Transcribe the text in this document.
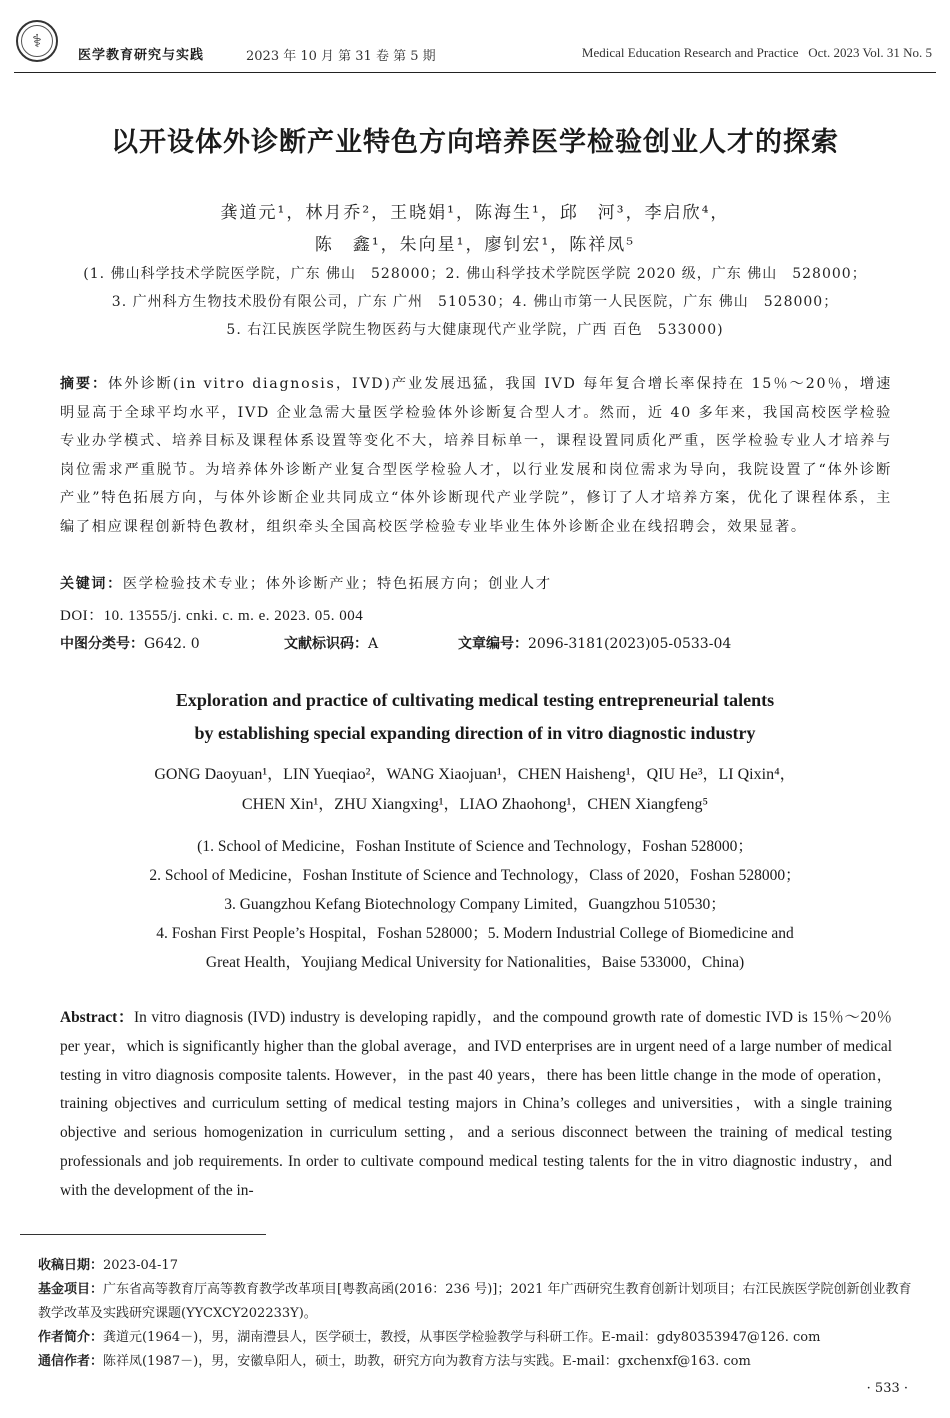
⚕
医学教育研究与实践	2023 年 10 月 第 31 卷 第 5 期	Medical Education Research and Practice Oct. 2023 Vol. 31 No. 5
以开设体外诊断产业特色方向培养医学检验创业人才的探索
龚道元¹，林月乔²，王晓娟¹，陈海生¹，邱　河³，李启欣⁴，
陈　鑫¹，朱向星¹，廖钊宏¹，陈祥凤⁵
(1. 佛山科学技术学院医学院，广东 佛山　528000；2. 佛山科学技术学院医学院 2020 级，广东 佛山　528000；
3. 广州科方生物技术股份有限公司，广东 广州　510530；4. 佛山市第一人民医院，广东 佛山　528000；
5. 右江民族医学院生物医药与大健康现代产业学院，广西 百色　533000)
摘要：体外诊断(in vitro diagnosis，IVD)产业发展迅猛，我国 IVD 每年复合增长率保持在 15％～20％，增速明显高于全球平均水平，IVD 企业急需大量医学检验体外诊断复合型人才。然而，近 40 多年来，我国高校医学检验专业办学模式、培养目标及课程体系设置等变化不大，培养目标单一，课程设置同质化严重，医学检验专业人才培养与岗位需求严重脱节。为培养体外诊断产业复合型医学检验人才，以行业发展和岗位需求为导向，我院设置了“体外诊断产业”特色拓展方向，与体外诊断企业共同成立“体外诊断现代产业学院”，修订了人才培养方案，优化了课程体系，主编了相应课程创新特色教材，组织牵头全国高校医学检验专业毕业生体外诊断企业在线招聘会，效果显著。
关键词：医学检验技术专业；体外诊断产业；特色拓展方向；创业人才
DOI：10. 13555/j. cnki. c. m. e. 2023. 05. 004
中图分类号：G642. 0	文献标识码：A	文章编号：2096-3181(2023)05-0533-04
Exploration and practice of cultivating medical testing entrepreneurial talents
by establishing special expanding direction of in vitro diagnostic industry
GONG Daoyuan¹，LIN Yueqiao²，WANG Xiaojuan¹，CHEN Haisheng¹，QIU He³，LI Qixin⁴，
CHEN Xin¹，ZHU Xiangxing¹，LIAO Zhaohong¹，CHEN Xiangfeng⁵
(1. School of Medicine，Foshan Institute of Science and Technology，Foshan 528000；
2. School of Medicine，Foshan Institute of Science and Technology，Class of 2020，Foshan 528000；
3. Guangzhou Kefang Biotechnology Company Limited，Guangzhou 510530；
4. Foshan First People’s Hospital，Foshan 528000；5. Modern Industrial College of Biomedicine and
Great Health，Youjiang Medical University for Nationalities，Baise 533000，China)
Abstract：In vitro diagnosis (IVD) industry is developing rapidly，and the compound growth rate of domestic IVD is 15％～20％ per year，which is significantly higher than the global average，and IVD enterprises are in urgent need of a large number of medical testing in vitro diagnosis composite talents. However，in the past 40 years，there has been little change in the mode of operation，training objectives and curriculum setting of medical testing majors in China’s colleges and universities，with a single training objective and serious homogenization in curriculum setting，and a serious disconnect between the training of medical testing professionals and job requirements. In order to cultivate compound medical testing talents for the in vitro diagnostic industry，and with the development of the in-
收稿日期：2023-04-17
基金项目：广东省高等教育厅高等教育教学改革项目[粤教高函(2016：236 号)]；2021 年广西研究生教育创新计划项目；右江民族医学院创新创业教育教学改革及实践研究课题(YYCXCY202233Y)。
作者简介：龚道元(1964－)，男，湖南澧县人，医学硕士，教授，从事医学检验教学与科研工作。E-mail：gdy80353947@126. com
通信作者：陈祥凤(1987－)，男，安徽阜阳人，硕士，助教，研究方向为教育方法与实践。E-mail：gxchenxf@163. com
· 533 ·
